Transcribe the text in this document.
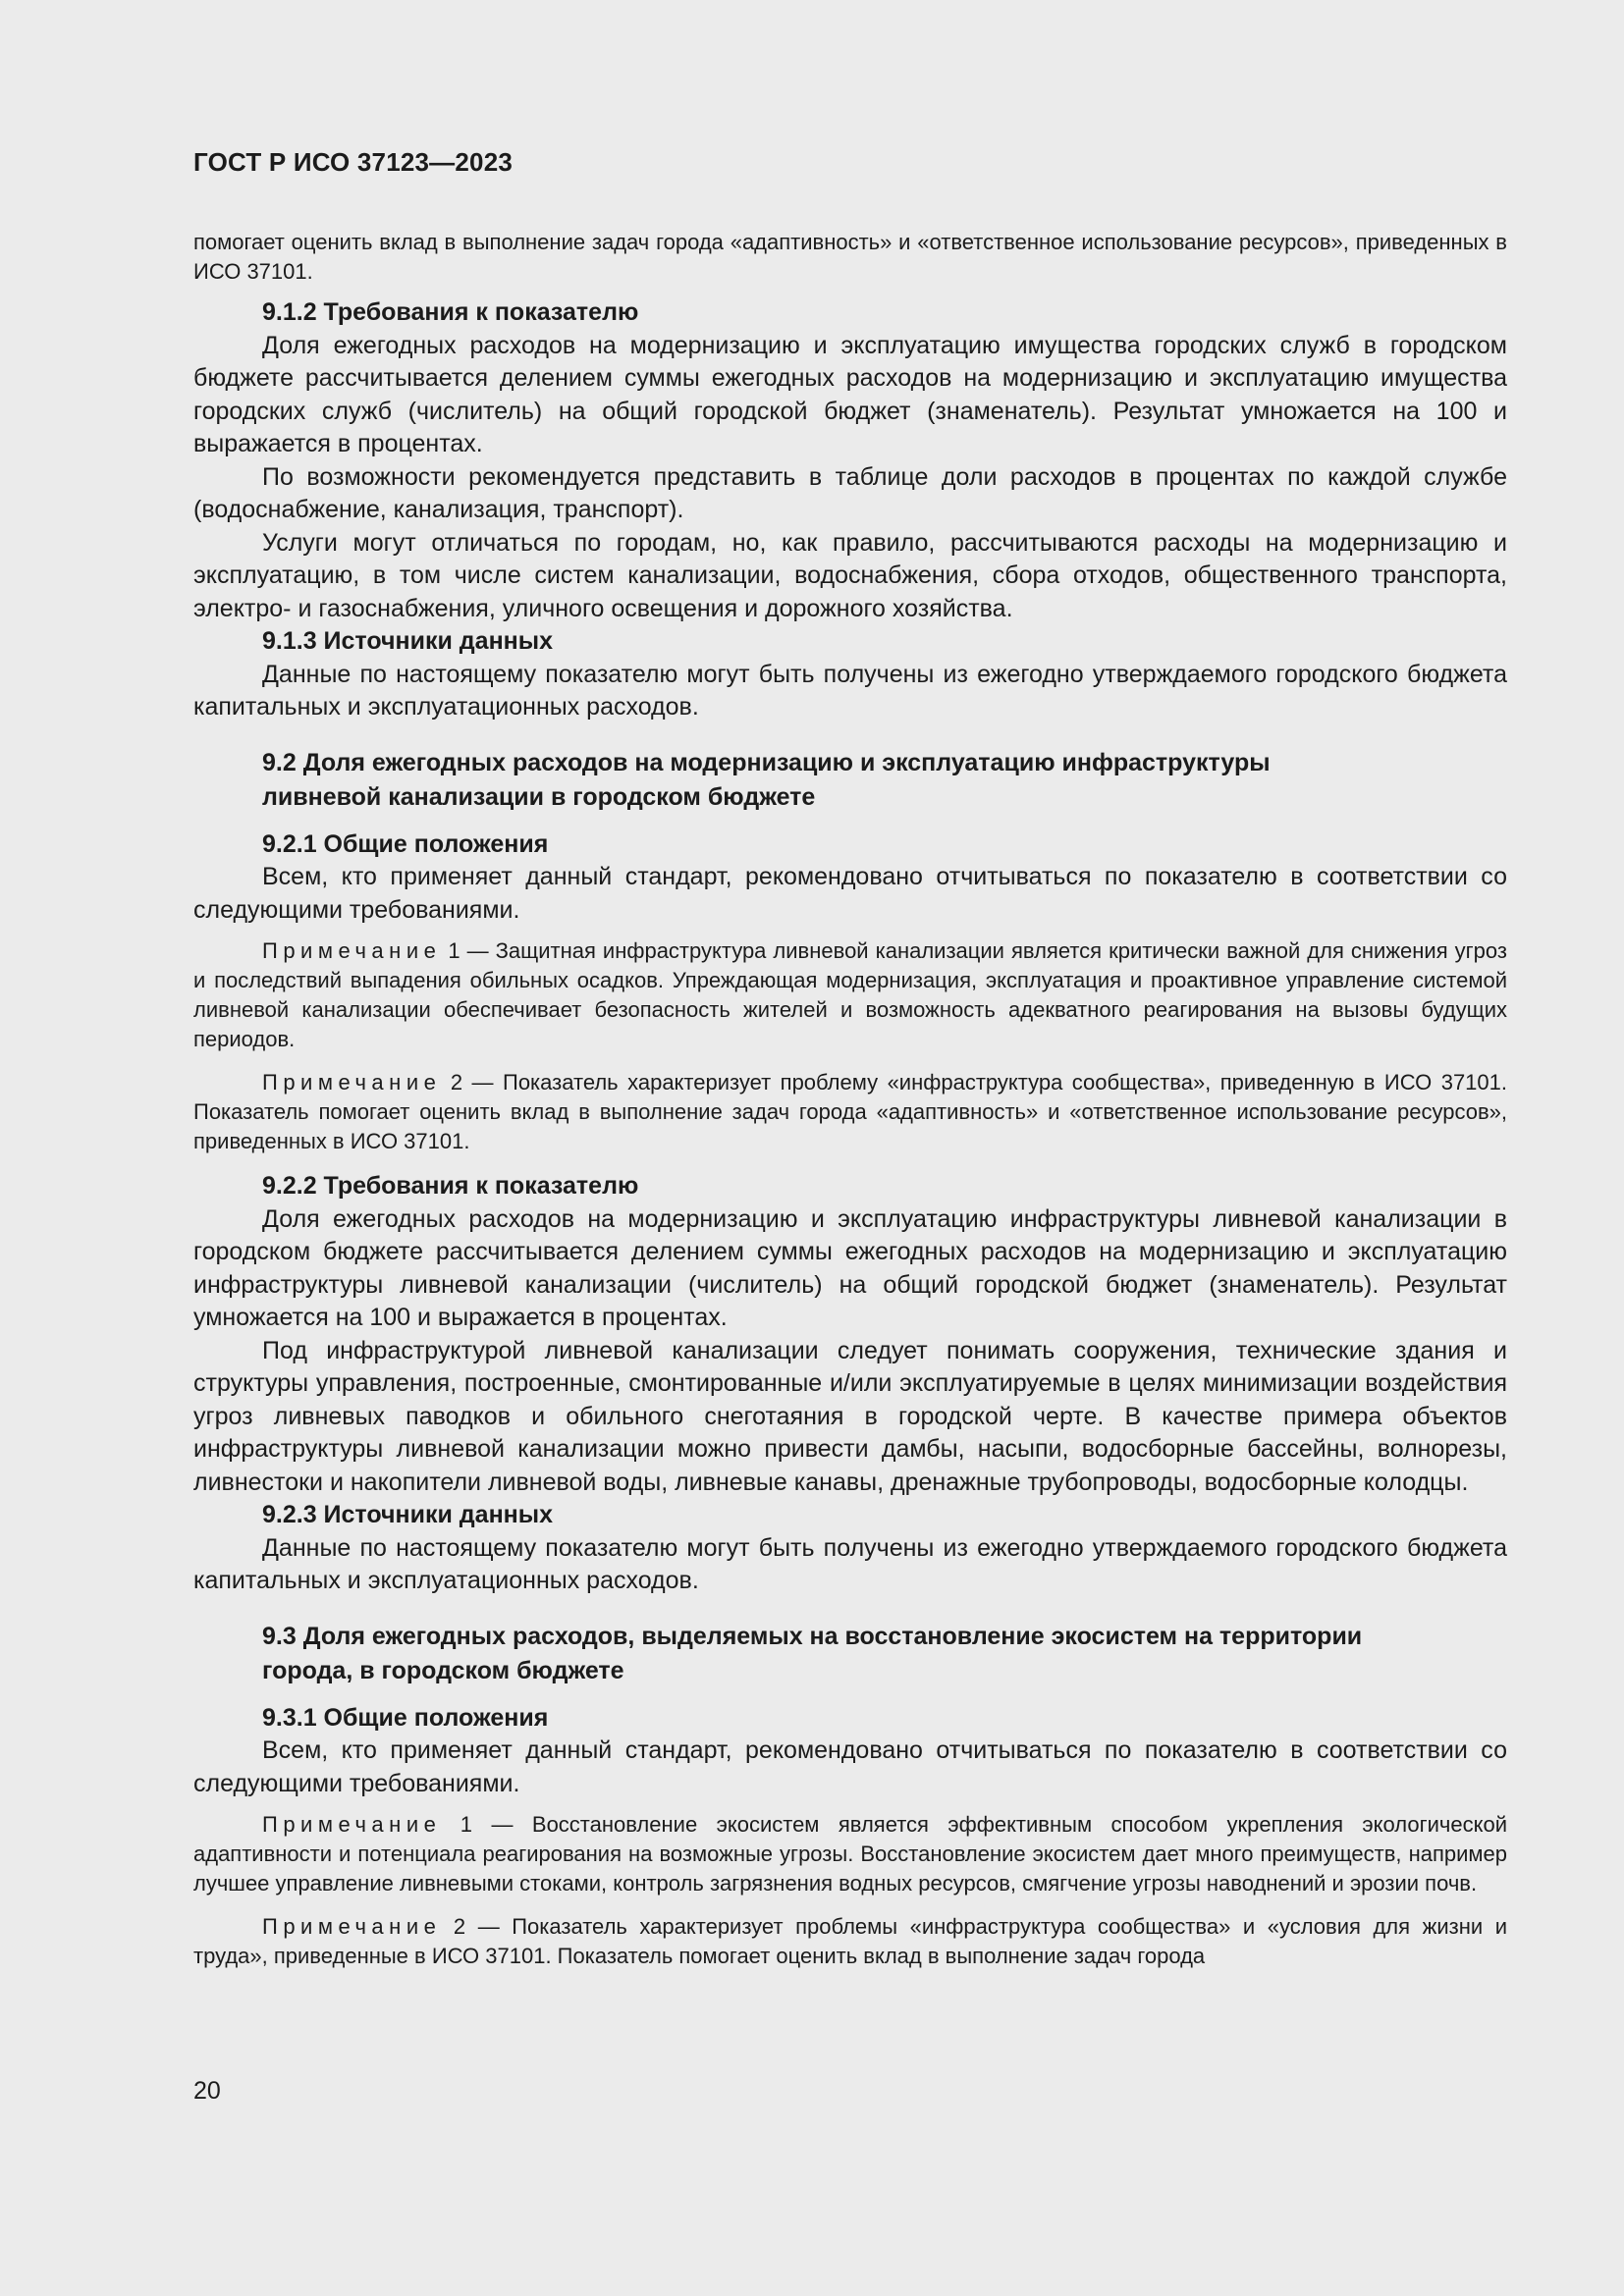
ГОСТ Р ИСО 37123—2023

помогает оценить вклад в выполнение задач города «адаптивность» и «ответственное использование ресурсов», приведенных в ИСО 37101.

9.1.2 Требования к показателю

Доля ежегодных расходов на модернизацию и эксплуатацию имущества городских служб в городском бюджете рассчитывается делением суммы ежегодных расходов на модернизацию и эксплуатацию имущества городских служб (числитель) на общий городской бюджет (знаменатель). Результат умножается на 100 и выражается в процентах.

По возможности рекомендуется представить в таблице доли расходов в процентах по каждой службе (водоснабжение, канализация, транспорт).

Услуги могут отличаться по городам, но, как правило, рассчитываются расходы на модернизацию и эксплуатацию, в том числе систем канализации, водоснабжения, сбора отходов, общественного транспорта, электро- и газоснабжения, уличного освещения и дорожного хозяйства.

9.1.3 Источники данных

Данные по настоящему показателю могут быть получены из ежегодно утверждаемого городского бюджета капитальных и эксплуатационных расходов.

9.2 Доля ежегодных расходов на модернизацию и эксплуатацию инфраструктуры
ливневой канализации в городском бюджете
9.2.1 Общие положения

Всем, кто применяет данный стандарт, рекомендовано отчитываться по показателю в соответствии со следующими требованиями.

Примечание 1 — Защитная инфраструктура ливневой канализации является критически важной для снижения угроз и последствий выпадения обильных осадков. Упреждающая модернизация, эксплуатация и проактивное управление системой ливневой канализации обеспечивает безопасность жителей и возможность адекватного реагирования на вызовы будущих периодов.

Примечание 2 — Показатель характеризует проблему «инфраструктура сообщества», приведенную в ИСО 37101. Показатель помогает оценить вклад в выполнение задач города «адаптивность» и «ответственное использование ресурсов», приведенных в ИСО 37101.

9.2.2 Требования к показателю

Доля ежегодных расходов на модернизацию и эксплуатацию инфраструктуры ливневой канализации в городском бюджете рассчитывается делением суммы ежегодных расходов на модернизацию и эксплуатацию инфраструктуры ливневой канализации (числитель) на общий городской бюджет (знаменатель). Результат умножается на 100 и выражается в процентах.

Под инфраструктурой ливневой канализации следует понимать сооружения, технические здания и структуры управления, построенные, смонтированные и/или эксплуатируемые в целях минимизации воздействия угроз ливневых паводков и обильного снеготаяния в городской черте. В качестве примера объектов инфраструктуры ливневой канализации можно привести дамбы, насыпи, водосборные бассейны, волнорезы, ливнестоки и накопители ливневой воды, ливневые канавы, дренажные трубопроводы, водосборные колодцы.

9.2.3 Источники данных

Данные по настоящему показателю могут быть получены из ежегодно утверждаемого городского бюджета капитальных и эксплуатационных расходов.

9.3 Доля ежегодных расходов, выделяемых на восстановление экосистем на территории
города, в городском бюджете
9.3.1 Общие положения

Всем, кто применяет данный стандарт, рекомендовано отчитываться по показателю в соответствии со следующими требованиями.

Примечание 1 — Восстановление экосистем является эффективным способом укрепления экологической адаптивности и потенциала реагирования на возможные угрозы. Восстановление экосистем дает много преимуществ, например лучшее управление ливневыми стоками, контроль загрязнения водных ресурсов, смягчение угрозы наводнений и эрозии почв.

Примечание 2 — Показатель характеризует проблемы «инфраструктура сообщества» и «условия для жизни и труда», приведенные в ИСО 37101. Показатель помогает оценить вклад в выполнение задач города

20
